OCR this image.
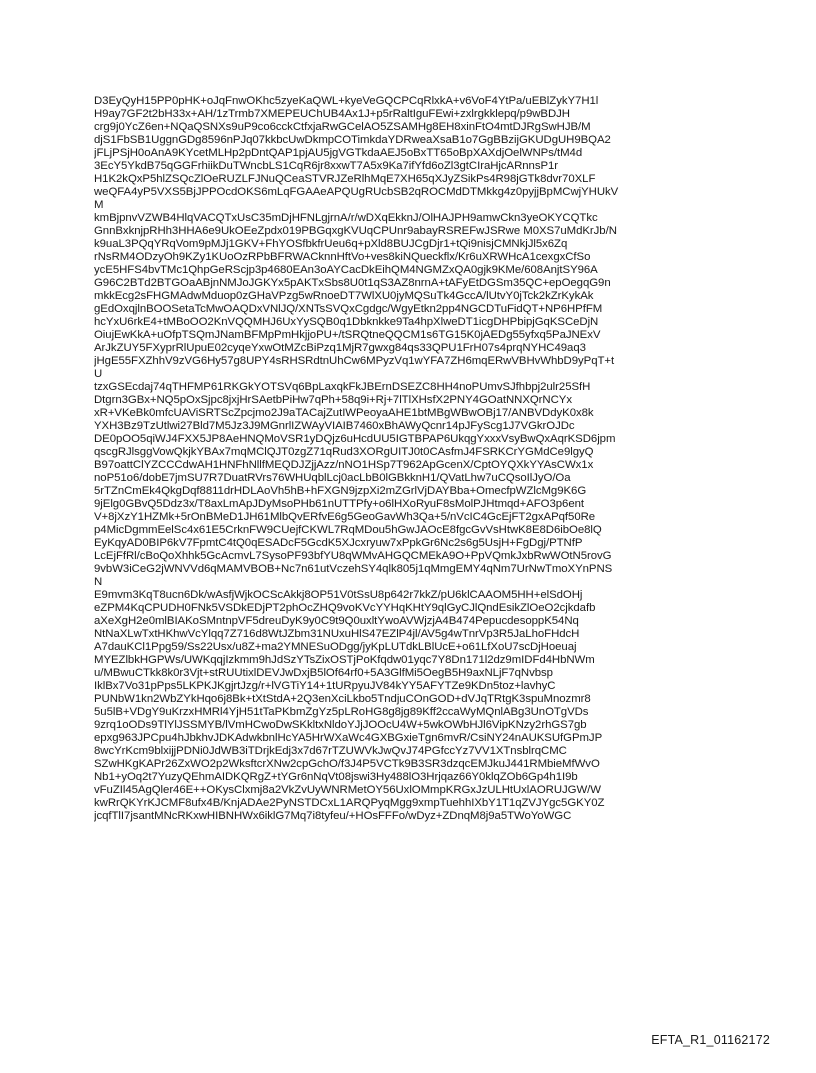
D3EyQyH15PP0pHK+oJqFnwOKhc5zyeKaQWL+kyeVeGQCPCqRlxkA+v6VoF4YtPa/uEBlZykY7H1l
H9ay7GF2t2bH33x+AH/1zTrmb7XMEPEUChUB4Ax1J+p5rRaltIguFEwi+zxlrgkklepq/p9wBDJH
crg9j0YcZ6en+NQaQSNXs9uP9co6cckCtfxjaRwGCelAO5ZSAMHg8EH8xinFtO4mtDJRgSwHJB/M
djS1FbSB1UggnGDg8596nPJq07kkbcUwDkmpCOTimkdaYDRweaXsaB1o7GgBBzijGKUDgUH9BQA2
jFLjPSjH0oAnA9KYcetMLHp2pDntQAP1pjAU5jgVGTkdaAEJ5oBxTT65oBpXAXdjOelWNPs/tM4d
3EcY5YkdB75qGGFrhiikDuTWncbLS1CqR6jr8xxwT7A5x9Ka7ifYfd6oZl3gtCIraHjcARnnsP1r
H1K2kQxP5hlZSQcZlOeRUZLFJNuQCeaSTVRJZeRlhMqE7XH65qXJyZSikPs4R98jGTk8dvr70XLF
weQFA4yP5VXS5BjJPPOcdOKS6mLqFGAAeAPQUgRUcbSB2qROCMdDTMkkg4z0pyjjBpMCwjYHUkV
M
kmBjpnvVZWB4HlqVACQTxUsC35mDjHFNLgjrnA/r/wDXqEkknJ/OlHAJPH9amwCkn3yeOKYCQTkc
GnnBxknjpRHh3HHA6e9UkOEeZpdx019PBGqxgKVUqCPUnr9abayRSREFwJSRwe M0XS7uMdKrJb/N
k9uaL3PQqYRqVom9pMJj1GKV+FhYOSfbkfrUeu6q+pXld8BUJCgDjr1+tQi9nisjCMNkjJl5x6Zq
rNsRM4ODzyOh9KZy1KUoOzRPbBFRWACknnHftVo+ves8kiNQueckflx/Kr6uXRWHcA1cexgxCfSo
ycE5HFS4bvTMc1QhpGeRScjp3p4680EAn3oAYCacDkEihQM4NGMZxQA0gjk9KMe/608AnjtSY96A
G96C2BTd2BTGOaABjnNMJoJGKYx5pAKTxSbs8U0t1qS3AZ8nrnA+tAFyEtDGSm35QC+epOegqG9n
mkkEcg2sFHGMAdwMduop0zGHaVPzg5wRnoeDT7WlXU0jyMQSuTk4GccA/lUtvY0jTck2kZrKykAk
gEdOxqjlnBOOSetaTcMwOAQDxVNlJQ/XNTsSVQxCgdgc/WgyEtkn2pp4NGCDTuFidQT+NP6HPfFM
hcYxU6rkE4+tMBoOO2KnVQQMHJ6UxYySQB0q1Dbknkke9Ta4hpXlweDT1icgDHPbipjGqKSCeDjN
OiujEwKkA+uOfpTSQmJNamBFMpPmHkjjoPU+/tSRQtneQQCM1s6TG15K0jAEDg55yfxq5PaJNExV
ArJkZUY5FXyprRlUpuE02cyqeYxwOtMZcBiPzq1MjR7gwxg84qs33QPU1FrH07s4prqNYHC49aq3
jHgE55FXZhhV9zVG6Hy57g8UPY4sRHSRdtnUhCw6MPyzVq1wYFA7ZH6mqERwVBHvWhbD9yPqT+t
U
tzxGSEcdaj74qTHFMP61RKGkYOTSVq6BpLaxqkFkJBErnDSEZC8HH4noPUmvSJfhbpj2ulr25SfH
Dtgrn3GBx+NQ5pOxSjpc8jxjHrSAetbPiHw7qPh+58q9i+Rj+7lTlXHsfX2PNY4GOatNNXQrNCYx
xR+VKeBk0mfcUAViSRTScZpcjmo2J9aTACajZutIWPeoyaAHE1btMBgWBwOBj17/ANBVDdyK0x8k
YXH3Bz9TzUtlwi27Bld7M5Jz3J9MGnrlIZWAyVIAIB7460xBhAWyQcnr14pJFyScg1J7VGkrOJDc
DE0pOO5qiWJ4FXX5JP8AeHNQMoVSR1yDQjz6uHcdUU5IGTBPAP6UkqgYxxxVsyBwQxAqrKSD6jpm
qscgRJlsggVowQkjkYBAx7mqMClQJT0zgZ71qRud3XORgUITJ0t0CAsfmJ4FSRKCrYGMdCe9lgyQ
B97oattClYZCCCdwAH1HNFhNllfMEQDJZjjAzz/nNO1HSp7T962ApGcenX/CptOYQXkYYAsCWx1x
noP51o6/dobE7jmSU7R7DuatRVrs76WHUqblLcj0acLbB0lGBkknH1/QVatLhw7uCQsoIlJyO/Oa
5rTZnCmEk4QkgDqf8811drHDLAoVh5hB+hFXGN9jzpXi2mZGrlVjDAYBba+OmecfpWZlcMg9K6G
9jElg0GBvQ5Ddz3x/T8axLmApJDyMsoPHb61nUTTPfy+o6lHXoRyuF8sMolPJHtmqd+AFO3p6ent
V+8jXzY1HZMk+5rOnBMeD1JH61MlbQvERfvE6g5GeoGavWh3Qa+5/nVcIC4GcEjFT2gxAPqf50Re
p4MicDgmmEelSc4x61E5CrknFW9CUejfCKWL7RqMDou5hGwJAOcE8fgcGvVsHtwK8E8D6ibOe8lQ
EyKqyAD0BIP6kV7FpmtC4tQ0qESADcF5GcdK5XJcxryuw7xPpkGr6Nc2s6g5UsjH+FgDgj/PTNfP
LcEjFfRl/cBoQoXhhk5GcAcmvL7SysoPF93bfYU8qWMvAHGQCMEkA9O+PpVQmkJxbRwWOtN5rovG
9vbW3iCeG2jWNVVd6qMAMVBOB+Nc7n61utVczehSY4qlk805j1qMmgEMY4qNm7UrNwTmoXYnPNS
N
E9mvm3KqT8ucn6Dk/wAsfjWjkOCScAkkj8OP51V0tSsU8p642r7kkZ/pU6klCAAOM5HH+elSdOHj
eZPM4KqCPUDH0FNk5VSDkEDjPT2phOcZHQ9voKVcYYHqKHtY9qlGyCJlQndEsikZlOeO2cjkdafb
aXeXgH2e0mlBIAKoSMntnpVF5dreuDyK9y0C9t9Q0uxltYwoAVWjzjA4B474PepucdesoppK54Nq
NtNaXLwTxtHKhwVcYlqq7Z716d8WtJZbm31NUxuHlS47EZlP4jl/AV5g4wTnrVp3R5JaLhoFHdcH
A7dauKCl1Ppg59/Ss22Usx/u8Z+ma2YMNESuODgg/jyKpLUTdkLBlUcE+o61LfXoU7scDjHoeuaj
MYEZlbkHGPWs/UWKqqjIzkmm9hJdSzYTsZixOSTjPoKfqdw01yqc7Y8Dn171l2dz9mIDFd4HbNWm
u/MBwuCTkk8k0r3Vjt+stRUUtixlDEVJwDxjB5lOf64rf0+5A3GlfMi5OegB5H9axNLjF7qNvbsp
IklBx7Vo31pPps5LKPKJKgjrtJzg/r+lVGTiY14+1tURpyuJV84kYY5AFYTZe9KDn5toz+lavhyC
PUNbW1kn2WbZYkHqo6j8Bk+tXtStdA+2Q3enXciLkbo5TndjuCOnGOD+dVJqTRtgK3spuMnozmr8
5u5lB+VDgY9uKrzxHMRl4YjH51tTaPKbmZgYz5pLRoHG8g8jg89Kff2ccaWyMQnlABg3UnOTgVDs
9zrq1oODs9TlYlJSSMYB/lVmHCwoDwSKkltxNldoYJjJOOcU4W+5wkOWbHJl6VipKNzy2rhGS7gb
epxg963JPCpu4hJbkhvJDKAdwkbnlHcYA5HrWXaWc4GXBGxieTgn6mvR/CsiNY24nAUKSUfGPmJP
8wcYrKcm9blxijjPDNi0JdWB3iTDrjkEdj3x7d67rTZUWVkJwQvJ74PGfccYz7VV1XTnsblrqCMC
SZwHKgKAPr26ZxWO2p2WksftcrXNw2cpGchO/f3J4P5VCTk9B3SR3dzqcEMJkuJ441RMbieMfWvO
Nb1+yOq2t7YuzyQEhmAIDKQRgZ+tYGr6nNqVt08jswi3Hy488lO3Hrjqaz66Y0klqZOb6Gp4h1I9b
vFuZIl45AgQler46E++OKysClxmj8a2VkZvUyWNRMetOY56UxlOMmpKRGxJzULHtUxlAORUJGW/W
kwRrQKYrKJCMF8ufx4B/KnjADAe2PyNSTDCxL1ARQPyqMgg9xmpTuehhIXbY1T1qZVJYgc5GKY0Z
jcqfTlI7jsantMNcRKxwHIBNHWx6iklG7Mq7i8tyfeu/+HOsFFFo/wDyz+ZDnqM8j9a5TWoYoWGC
EFTA_R1_01162172
